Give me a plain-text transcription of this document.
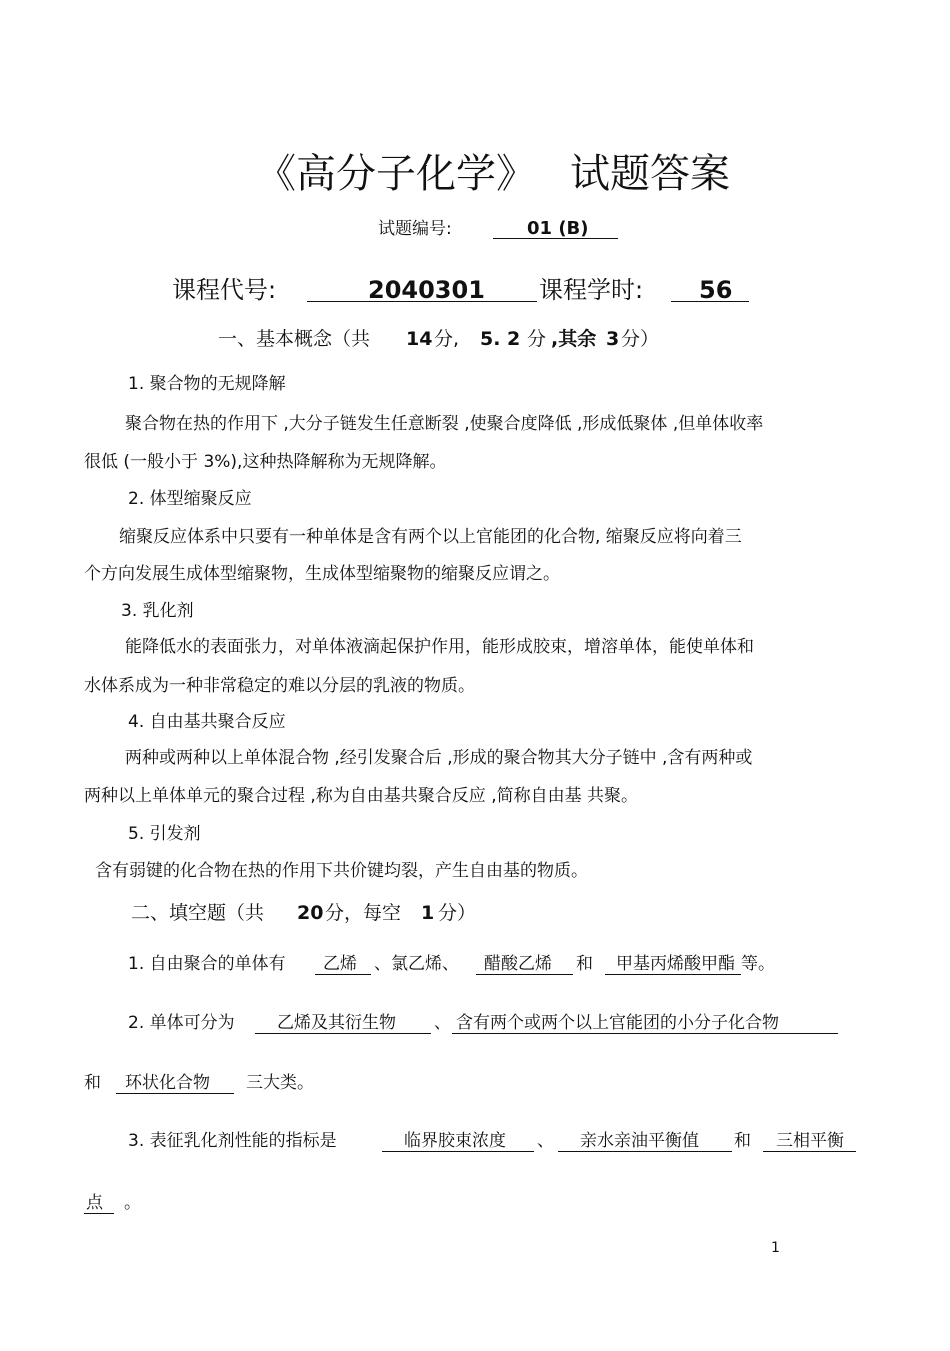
《高分子化学》 试题答案
试题编号:	01 (B)
课程代号:	2040301 课程学时: 56
一、基本概念（共 14 分, 5. 2 分 ,其余 3 分）
1. 聚合物的无规降解
聚合物在热的作用下 ,大分子链发生任意断裂 ,使聚合度降低 ,形成低聚体 ,但单体收率
很低 (一般小于 3%),这种热降解称为无规降解。
2. 体型缩聚反应
缩聚反应体系中只要有一种单体是含有两个以上官能团的化合物, 缩聚反应将向着三
个方向发展生成体型缩聚物，生成体型缩聚物的缩聚反应谓之。
3. 乳化剂
能降低水的表面张力，对单体液滴起保护作用，能形成胶束，增溶单体，能使单体和
水体系成为一种非常稳定的难以分层的乳液的物质。
4. 自由基共聚合反应
两种或两种以上单体混合物 ,经引发聚合后 ,形成的聚合物其大分子链中 ,含有两种或
两种以上单体单元的聚合过程 ,称为自由基共聚合反应 ,简称自由基 共聚。
5. 引发剂
含有弱键的化合物在热的作用下共价键均裂，产生自由基的物质。
二、填空题（共 20 分，每空 1 分）
1. 自由聚合的单体有 乙烯 、氯乙烯、 醋酸乙烯 和 甲基丙烯酸甲酯 等。
2. 单体可分为 乙烯及其衍生物 、 含有两个或两个以上官能团的小分子化合物
和 环状化合物 三大类。
3. 表征乳化剂性能的指标是	临界胶束浓度 、 亲水亲油平衡值 和 三相平衡
点 。
1
